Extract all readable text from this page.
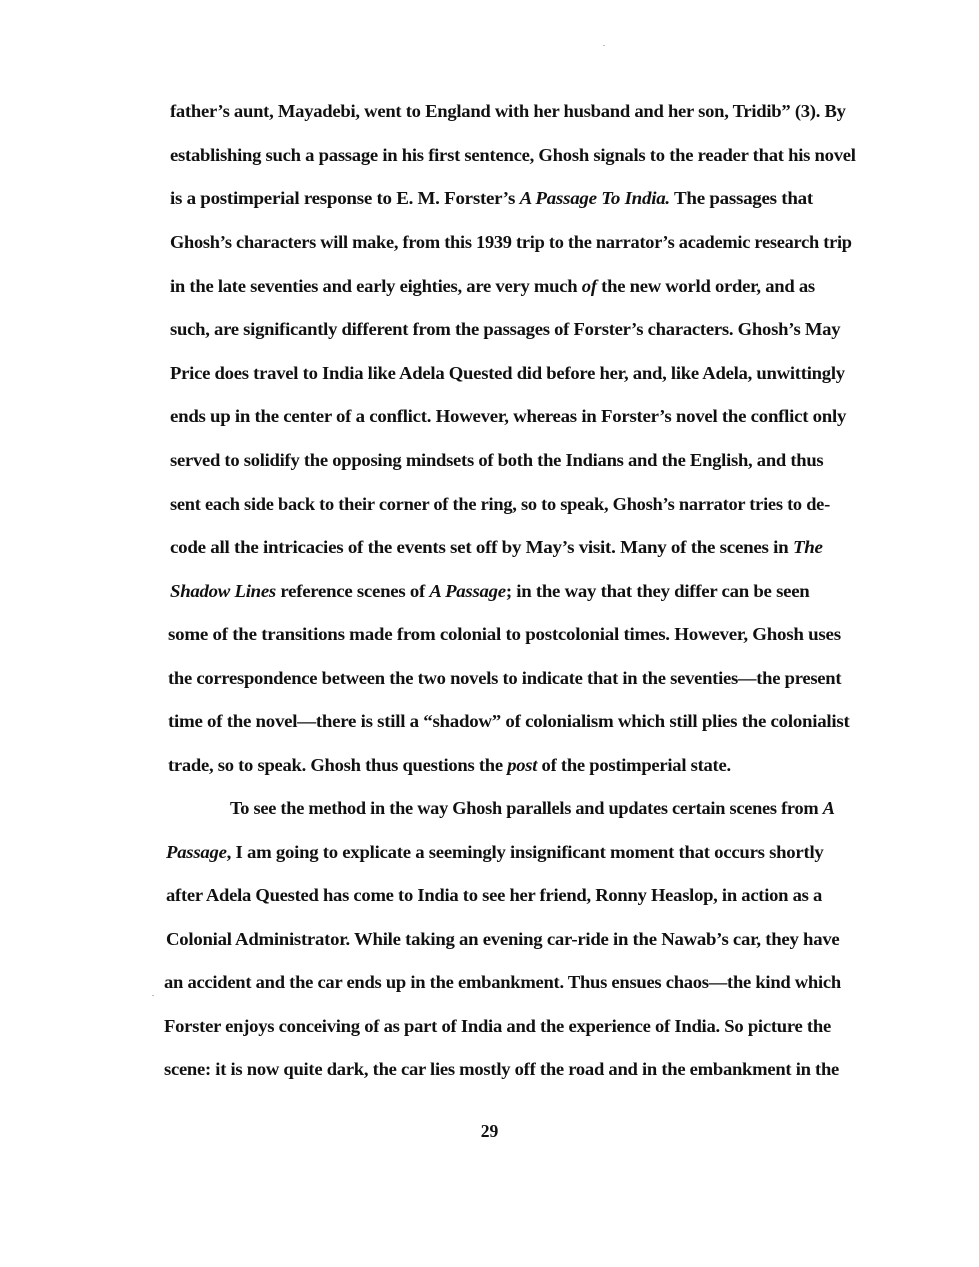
father’s aunt, Mayadebi, went to England with her husband and her son, Tridib” (3). By
establishing such a passage in his first sentence, Ghosh signals to the reader that his novel
is a postimperial response to E. M. Forster’s A Passage To India. The passages that
Ghosh’s characters will make, from this 1939 trip to the narrator’s academic research trip
in the late seventies and early eighties, are very much of the new world order, and as
such, are significantly different from the passages of Forster’s characters. Ghosh’s May
Price does travel to India like Adela Quested did before her, and, like Adela, unwittingly
ends up in the center of a conflict. However, whereas in Forster’s novel the conflict only
served to solidify the opposing mindsets of both the Indians and the English, and thus
sent each side back to their corner of the ring, so to speak, Ghosh’s narrator tries to de-
code all the intricacies of the events set off by May’s visit. Many of the scenes in The
Shadow Lines reference scenes of A Passage; in the way that they differ can be seen
some of the transitions made from colonial to postcolonial times. However, Ghosh uses
the correspondence between the two novels to indicate that in the seventies—the present
time of the novel—there is still a “shadow” of colonialism which still plies the colonialist
trade, so to speak. Ghosh thus questions the post of the postimperial state.
To see the method in the way Ghosh parallels and updates certain scenes from A
Passage, I am going to explicate a seemingly insignificant moment that occurs shortly
after Adela Quested has come to India to see her friend, Ronny Heaslop, in action as a
Colonial Administrator. While taking an evening car-ride in the Nawab’s car, they have
an accident and the car ends up in the embankment. Thus ensues chaos—the kind which
Forster enjoys conceiving of as part of India and the experience of India. So picture the
scene: it is now quite dark, the car lies mostly off the road and in the embankment in the
29
